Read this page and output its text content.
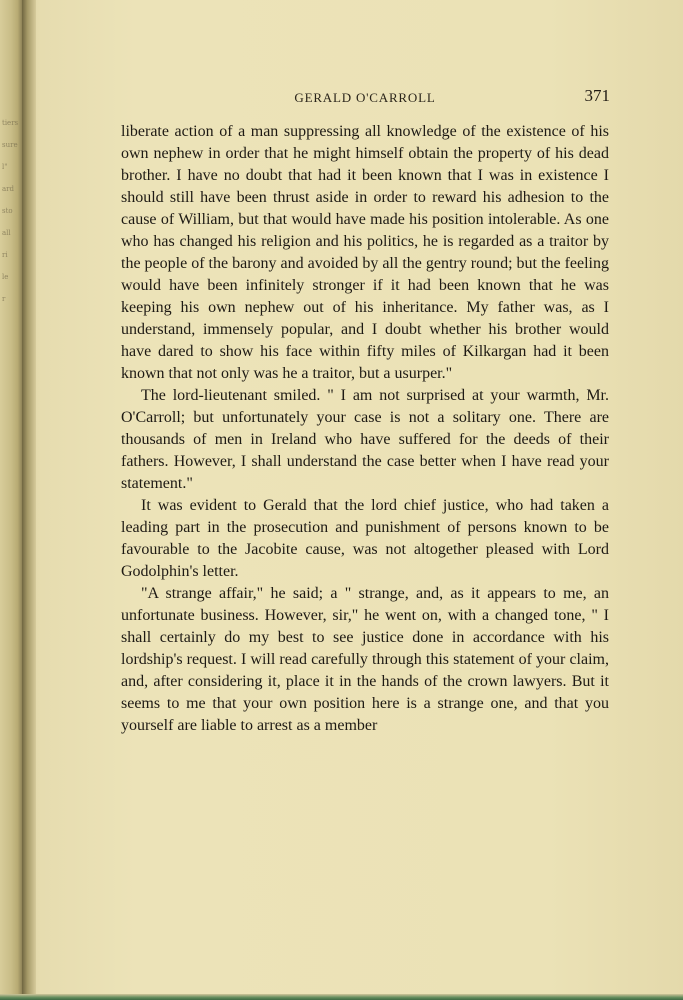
tiers
sure
l"
ard
sto
all
ri
le
r
GERALD O'CARROLL	371

liberate action of a man suppressing all knowledge of the existence of his own nephew in order that he might himself obtain the property of his dead brother. I have no doubt that had it been known that I was in existence I should still have been thrust aside in order to reward his adhesion to the cause of William, but that would have made his position intolerable. As one who has changed his religion and his politics, he is regarded as a traitor by the people of the barony and avoided by all the gentry round; but the feeling would have been infinitely stronger if it had been known that he was keeping his own nephew out of his inheritance. My father was, as I understand, immensely popular, and I doubt whether his brother would have dared to show his face within fifty miles of Kilkargan had it been known that not only was he a traitor, but a usurper."

The lord-lieutenant smiled. " I am not surprised at your warmth, Mr. O'Carroll; but unfortunately your case is not a solitary one. There are thousands of men in Ireland who have suffered for the deeds of their fathers. However, I shall understand the case better when I have read your statement."

It was evident to Gerald that the lord chief justice, who had taken a leading part in the prosecution and punishment of persons known to be favourable to the Jacobite cause, was not altogether pleased with Lord Godolphin's letter.

"A strange affair," he said; a " strange, and, as it appears to me, an unfortunate business. However, sir," he went on, with a changed tone, " I shall certainly do my best to see justice done in accordance with his lordship's request. I will read carefully through this statement of your claim, and, after considering it, place it in the hands of the crown lawyers. But it seems to me that your own position here is a strange one, and that you yourself are liable to arrest as a member
